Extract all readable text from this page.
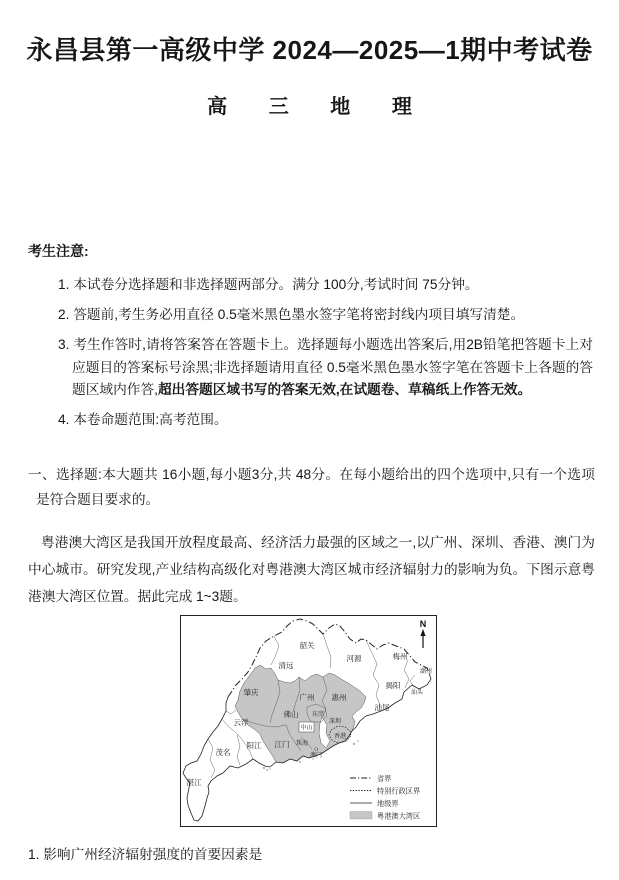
永昌县第一高级中学 2024—2025—1期中考试卷
高 三 地 理
考生注意:
1. 本试卷分选择题和非选择题两部分。满分 100分,考试时间 75分钟。
2. 答题前,考生务必用直径 0.5毫米黑色墨水签字笔将密封线内项目填写清楚。
3. 考生作答时,请将答案答在答题卡上。选择题每小题选出答案后,用2B铅笔把答题卡上对应题目的答案标号涂黑;非选择题请用直径 0.5毫米黑色墨水签字笔在答题卡上各题的答题区域内作答,超出答题区域书写的答案无效,在试题卷、草稿纸上作答无效。
4. 本卷命题范围:高考范围。
一、选择题:本大题共 16小题,每小题3分,共 48分。在每小题给出的四个选项中,只有一个选项是符合题目要求的。
粤港澳大湾区是我国开放程度最高、经济活力最强的区域之一,以广州、深圳、香港、澳门为中心城市。研究发现,产业结构高级化对粤港澳大湾区城市经济辐射力的影响为负。下图示意粤港澳大湾区位置。据此完成 1~3题。
韶关
清远
河源	梅州
潮州
揭阳
汕头
汕尾
肇庆
广州 惠州
佛山 东莞
深圳
中山
香港
江门 珠海
澳门
云浮
阳江
茂名
湛江
N
省界
特别行政区界
地级界
粤港澳大湾区
1. 影响广州经济辐射强度的首要因素是
